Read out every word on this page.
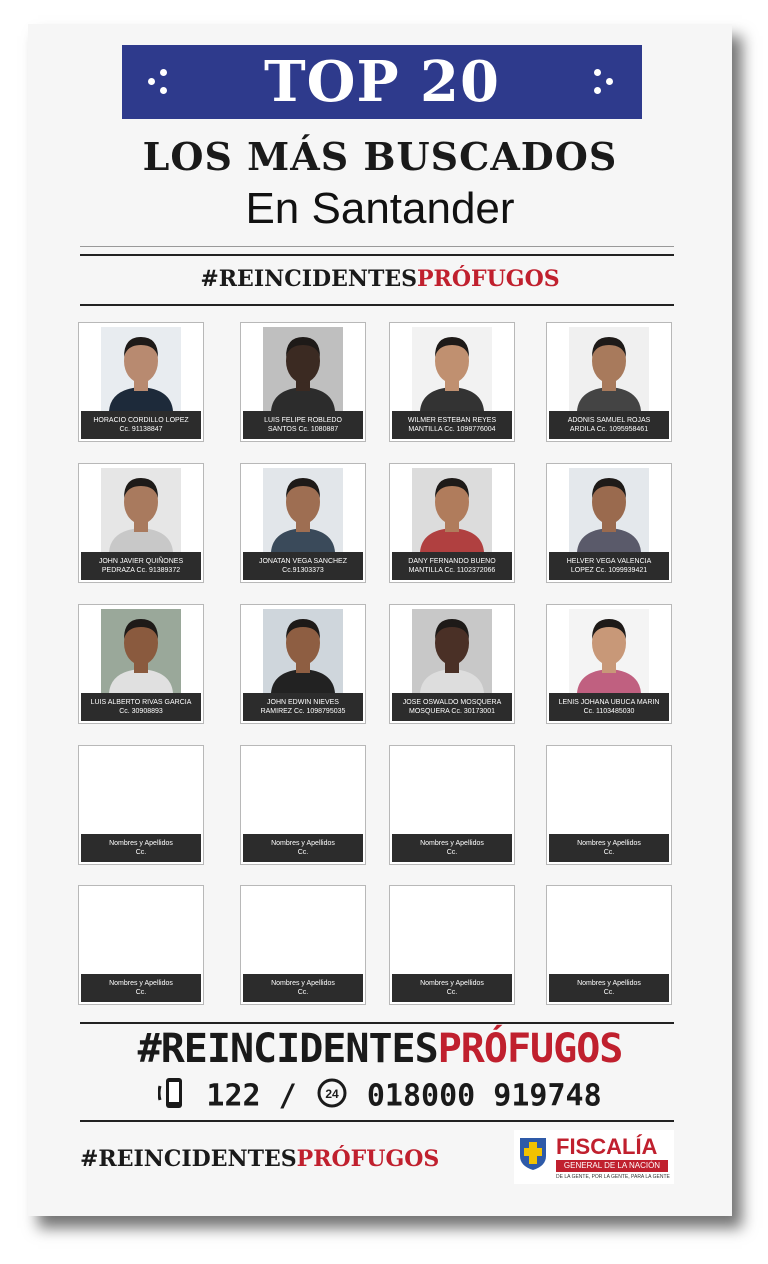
TOP 20
LOS MÁS BUSCADOS
En Santander
#REINCIDENTESPRÓFUGOS
HORACIO CORDILLO LOPEZ
Cc. 91138847
LUIS FELIPE ROBLEDO
SANTOS Cc. 1080887
WILMER ESTEBAN REYES
MANTILLA Cc. 1098776004
ADONIS SAMUEL ROJAS
ARDILA Cc. 1095958461
JOHN JAVIER QUIÑONES
PEDRAZA Cc. 91389372
JONATAN VEGA SANCHEZ
Cc.91303373
DANY FERNANDO BUENO
MANTILLA Cc. 1102372066
HELVER VEGA VALENCIA
LOPEZ Cc. 1099939421
LUIS ALBERTO RIVAS GARCIA
Cc. 30908893
JOHN EDWIN NIEVES
RAMIREZ Cc. 1098795035
JOSE OSWALDO MOSQUERA
MOSQUERA Cc. 30173001
LENIS JOHANA UBUCA MARIN
Cc. 1103485030
Nombres y Apellidos
Cc.
Nombres y Apellidos
Cc.
Nombres y Apellidos
Cc.
Nombres y Apellidos
Cc.
Nombres y Apellidos
Cc.
Nombres y Apellidos
Cc.
Nombres y Apellidos
Cc.
Nombres y Apellidos
Cc.
#REINCIDENTESPRÓFUGOS
122 / 24 018000 919748
#REINCIDENTESPRÓFUGOS	FISCALÍA
GENERAL DE LA NACIÓN
DE LA GENTE, POR LA GENTE, PARA LA GENTE
